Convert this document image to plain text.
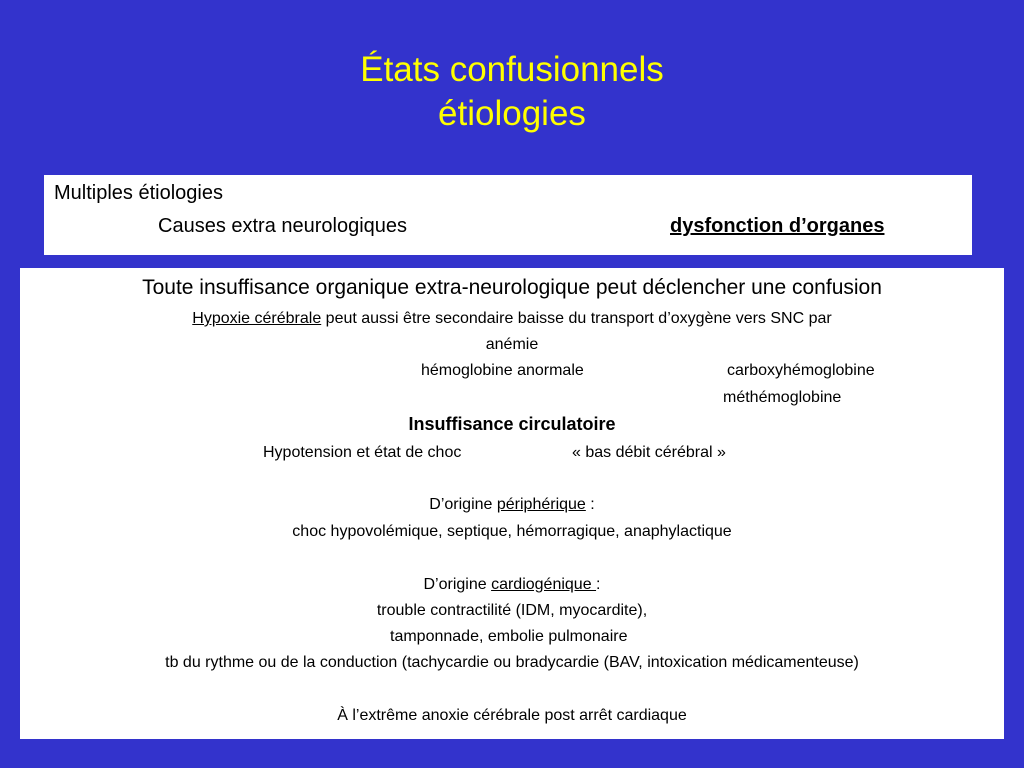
États confusionnels
étiologies
Multiples étiologies
Causes extra neurologiques	dysfonction d’organes
Toute insuffisance organique extra-neurologique peut déclencher une confusion
Hypoxie cérébrale peut aussi être secondaire baisse du transport d’oxygène vers SNC par
anémie
hémoglobine anormale	carboxyhémoglobine
méthémoglobine
Insuffisance circulatoire
Hypotension et état de choc	« bas débit cérébral »
D’origine périphérique :
choc hypovolémique, septique, hémorragique, anaphylactique
D’origine cardiogénique :
trouble contractilité (IDM, myocardite),
tamponnade, embolie pulmonaire
tb du rythme ou de la conduction (tachycardie ou bradycardie (BAV, intoxication médicamenteuse)
À l’extrême anoxie cérébrale post arrêt cardiaque
